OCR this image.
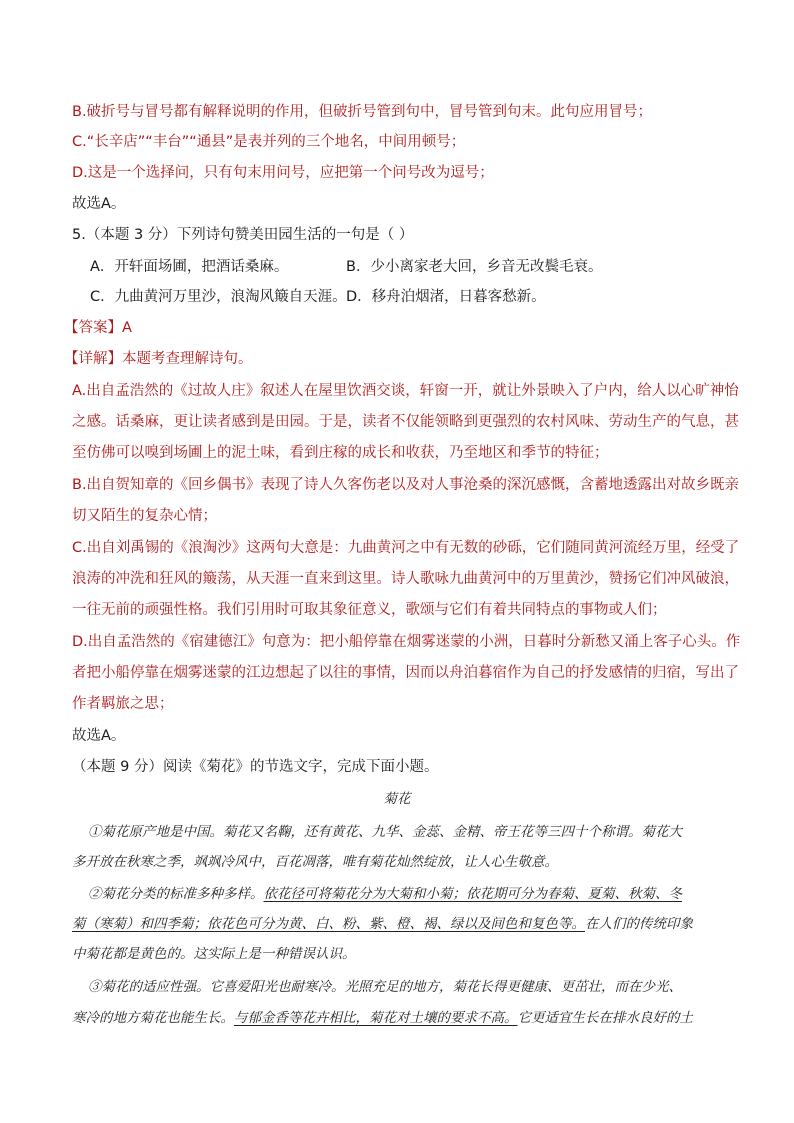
B.破折号与冒号都有解释说明的作用，但破折号管到句中，冒号管到句末。此句应用冒号；
C.“长辛店”“丰台”“通县”是表并列的三个地名，中间用顿号；
D.这是一个选择问，只有句末用问号，应把第一个问号改为逗号；
故选A。
5.（本题 3 分）下列诗句赞美田园生活的一句是（ ）
A．开轩面场圃，把酒话桑麻。	B．少小离家老大回，乡音无改鬓毛衰。
C．九曲黄河万里沙，浪淘风簸自天涯。 D．移舟泊烟渚，日暮客愁新。
【答案】A
【详解】本题考查理解诗句。
A.出自孟浩然的《过故人庄》叙述人在屋里饮酒交谈，轩窗一开，就让外景映入了户内，给人以心旷神怡
之感。话桑麻，更让读者感到是田园。于是，读者不仅能领略到更强烈的农村风味、劳动生产的气息，甚
至仿佛可以嗅到场圃上的泥土味，看到庄稼的成长和收获，乃至地区和季节的特征；
B.出自贺知章的《回乡偶书》表现了诗人久客伤老以及对人事沧桑的深沉感慨，含蓄地透露出对故乡既亲
切又陌生的复杂心情；
C.出自刘禹锡的《浪淘沙》这两句大意是：九曲黄河之中有无数的砂砾，它们随同黄河流经万里，经受了
浪涛的冲洗和狂风的簸荡，从天涯一直来到这里。诗人歌咏九曲黄河中的万里黄沙，赞扬它们冲风破浪，
一往无前的顽强性格。我们引用时可取其象征意义，歌颂与它们有着共同特点的事物或人们；
D.出自孟浩然的《宿建德江》句意为：把小船停靠在烟雾迷蒙的小洲，日暮时分新愁又涌上客子心头。作
者把小船停靠在烟雾迷蒙的江边想起了以往的事情，因而以舟泊暮宿作为自己的抒发感情的归宿，写出了
作者羁旅之思；
故选A。
（本题 9 分）阅读《菊花》的节选文字，完成下面小题。
菊花
①菊花原产地是中国。菊花又名鞠，还有黄花、九华、金蕊、金精、帝王花等三四十个称谓。菊花大
多开放在秋寒之季，飒飒冷风中，百花凋落，唯有菊花灿然绽放，让人心生敬意。
②菊花分类的标准多种多样。依花径可将菊花分为大菊和小菊；依花期可分为春菊、夏菊、秋菊、冬
菊（寒菊）和四季菊；依花色可分为黄、白、粉、紫、橙、褐、绿以及间色和复色等。在人们的传统印象
中菊花都是黄色的。这实际上是一种错误认识。
③菊花的适应性强。它喜爱阳光也耐寒冷。光照充足的地方，菊花长得更健康、更茁壮，而在少光、
寒冷的地方菊花也能生长。与郁金香等花卉相比，菊花对土壤的要求不高。它更适宜生长在排水良好的土
